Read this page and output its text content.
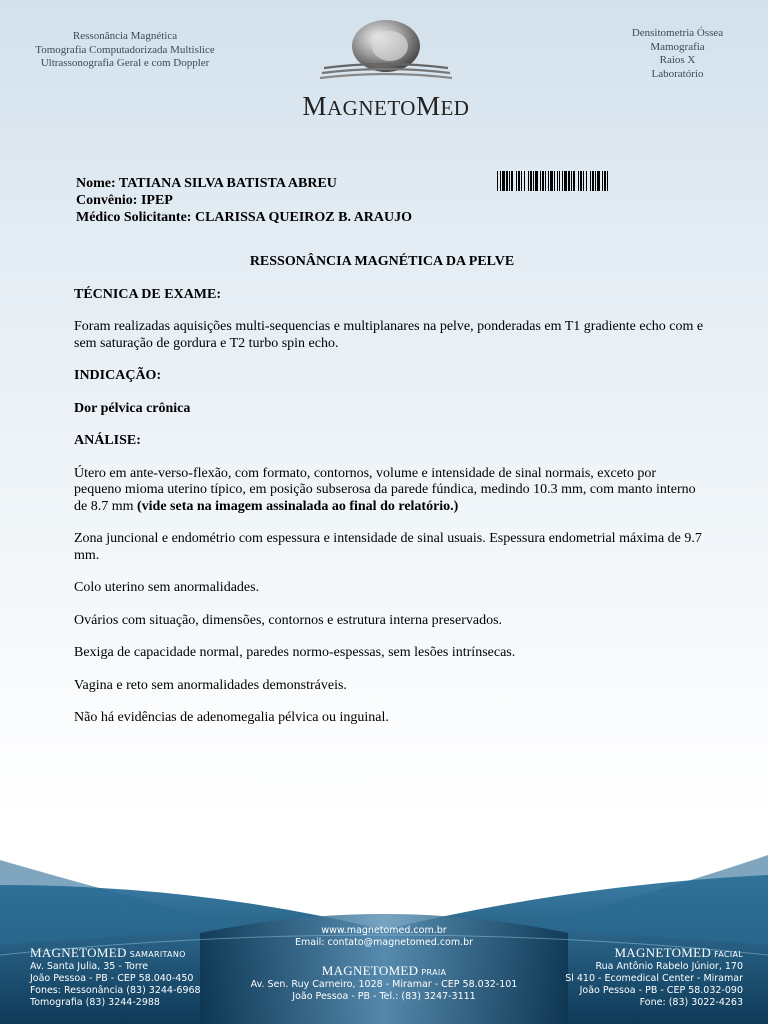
Ressonância Magnética
Tomografia Computadorizada Multislice
Ultrassonografia Geral e com Doppler
MAGNETOMED
Densitometria Óssea
Mamografia
Raios X
Laboratório
Nome: TATIANA SILVA BATISTA ABREU
Convênio: IPEP
Médico Solicitante: CLARISSA QUEIROZ B. ARAUJO

RESSONÂNCIA MAGNÉTICA DA PELVE

TÉCNICA DE EXAME:

Foram realizadas aquisições multi-sequencias e multiplanares na pelve, ponderadas em T1 gradiente echo com e sem saturação de gordura e T2 turbo spin echo.

INDICAÇÃO:

Dor pélvica crônica

ANÁLISE:

Útero em ante-verso-flexão, com formato, contornos, volume e intensidade de sinal normais, exceto por pequeno mioma uterino típico, em posição subserosa da parede fúndica, medindo 10.3 mm, com manto interno de 8.7 mm (vide seta na imagem assinalada ao final do relatório.)

Zona juncional e endométrio com espessura e intensidade de sinal usuais. Espessura endometrial máxima de 9.7 mm.

Colo uterino sem anormalidades.

Ovários com situação, dimensões, contornos e estrutura interna preservados.

Bexiga de capacidade normal, paredes normo-espessas, sem lesões intrínsecas.

Vagina e reto sem anormalidades demonstráveis.

Não há evidências de adenomegalia pélvica ou inguinal.

www.magnetomed.com.br
Email: contato@magnetomed.com.br
MAGNETOMED SAMARITANO
Av. Santa Julia, 35 - Torre
João Pessoa - PB - CEP 58.040-450
Fones: Ressonância (83) 3244-6968
Tomografia (83) 3244-2988
MAGNETOMED PRAIA
Av. Sen. Ruy Carneiro, 1028 - Miramar - CEP 58.032-101
João Pessoa - PB - Tel.: (83) 3247-3111
MAGNETOMED FACIAL
Rua Antônio Rabelo Júnior, 170
Sl 410 - Ecomedical Center - Miramar
João Pessoa - PB - CEP 58.032-090
Fone: (83) 3022-4263
